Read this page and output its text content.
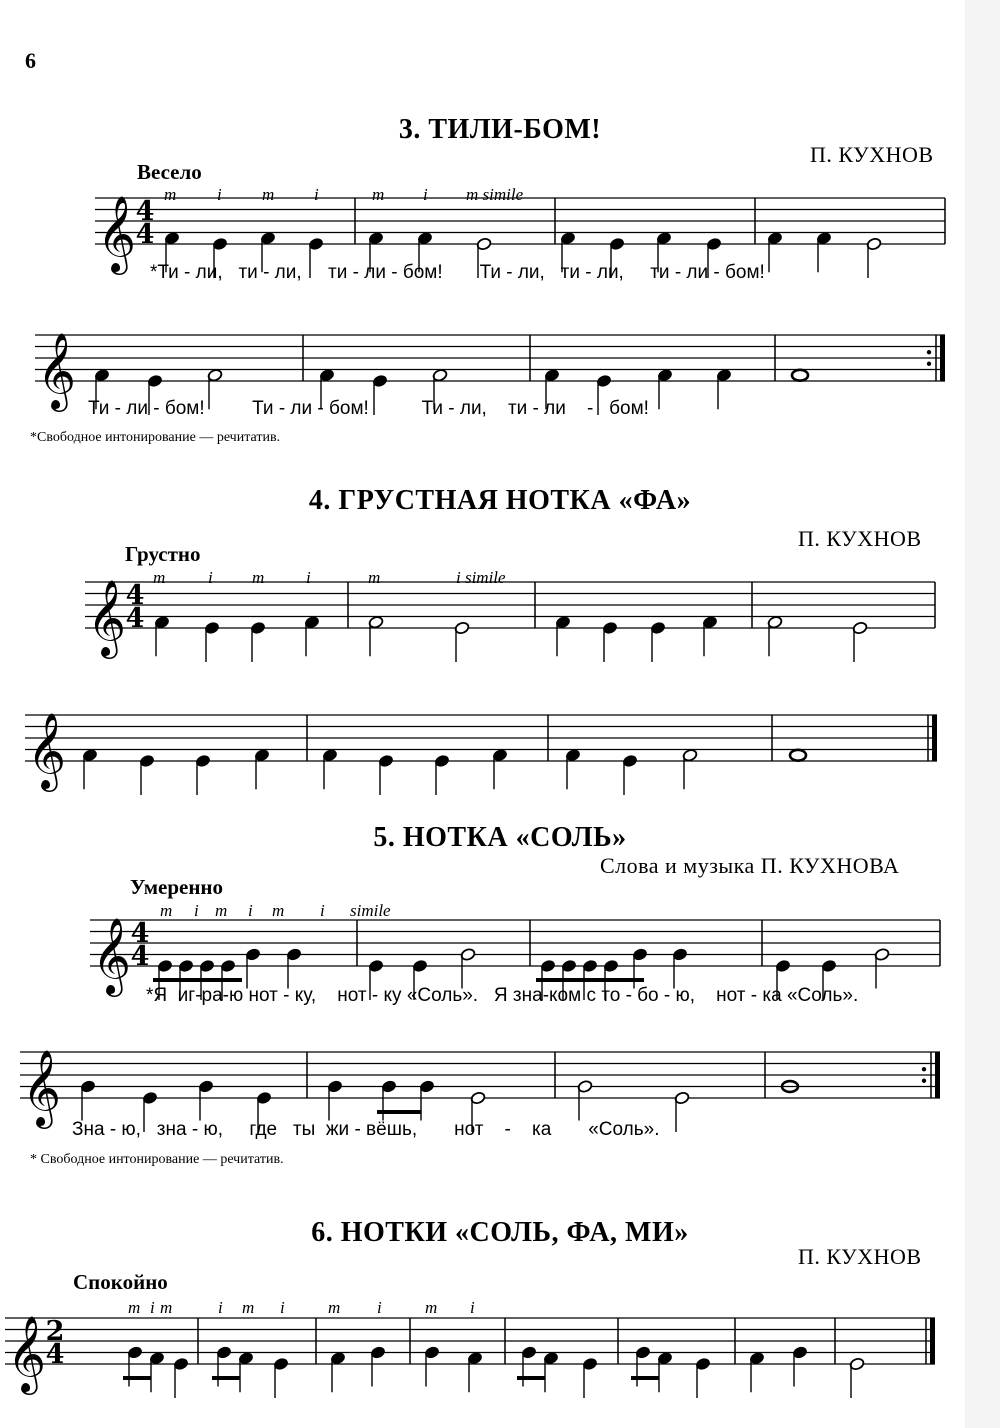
6
3. ТИЛИ-БОМ!
П. КУХНОВ
Весело
m i m i	m i m simile
𝄞 4
4
*Ти - ли,   ти - ли,     ти - ли - бом!       Ти - ли,   ти - ли,     ти - ли - бом!
𝄞 Ти - ли - бом!         Ти - ли - бом!          Ти - ли,    ти - ли    -   бом!
*Свободное интонирование — речитатив.
4. ГРУСТНАЯ НОТКА «ФА»
П. КУХНОВ
Грустно
m	i m i	m	i simile
𝄞 4
4
𝄞
5. НОТКА «СОЛЬ»
Слова и музыка П. КУХНОВА
Умеренно
m i m i m i simile
𝄞 4
4
*Я  иг-ра-ю нот - ку,    нот - ку «Соль».   Я зна-ком с то - бо - ю,    нот - ка «Соль».
𝄞
Зна - ю,   зна - ю,     где   ты  жи - вёшь,       нот    -    ка       «Соль».
* Свободное интонирование — речитатив.
6. НОТКИ «СОЛЬ, ФА, МИ»
П. КУХНОВ
Спокойно
m i m	i m i	m i	m i
𝄞 2
4
